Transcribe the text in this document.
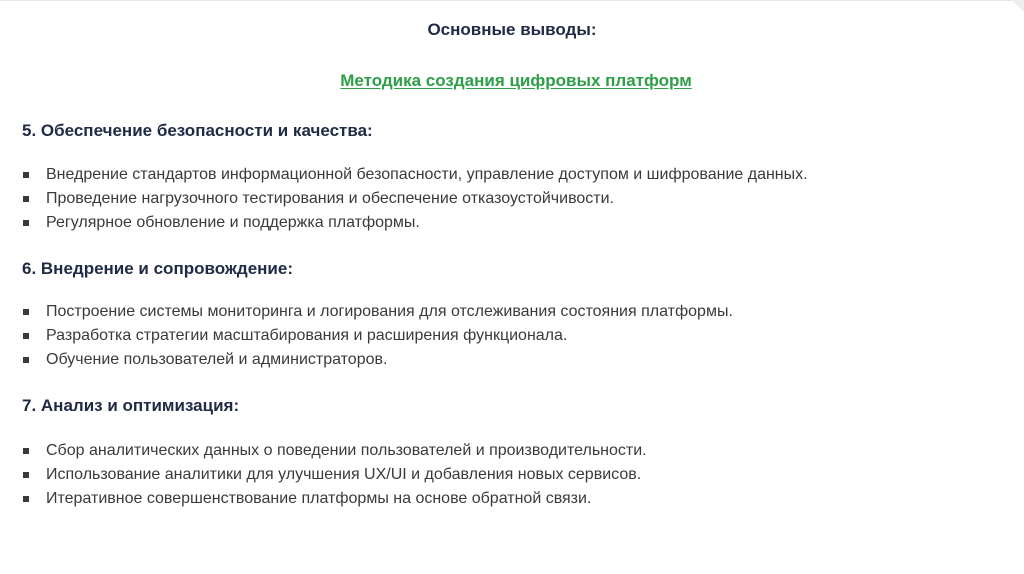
Основные выводы:
Методика создания цифровых платформ
5. Обеспечение безопасности и качества:
Внедрение стандартов информационной безопасности, управление доступом и шифрование данных.
Проведение нагрузочного тестирования и обеспечение отказоустойчивости.
Регулярное обновление и поддержка платформы.
6. Внедрение и сопровождение:
Построение системы мониторинга и логирования для отслеживания состояния платформы.
Разработка стратегии масштабирования и расширения функционала.
Обучение пользователей и администраторов.
7. Анализ и оптимизация:
Сбор аналитических данных о поведении пользователей и производительности.
Использование аналитики для улучшения UX/UI и добавления новых сервисов.
Итеративное совершенствование платформы на основе обратной связи.
